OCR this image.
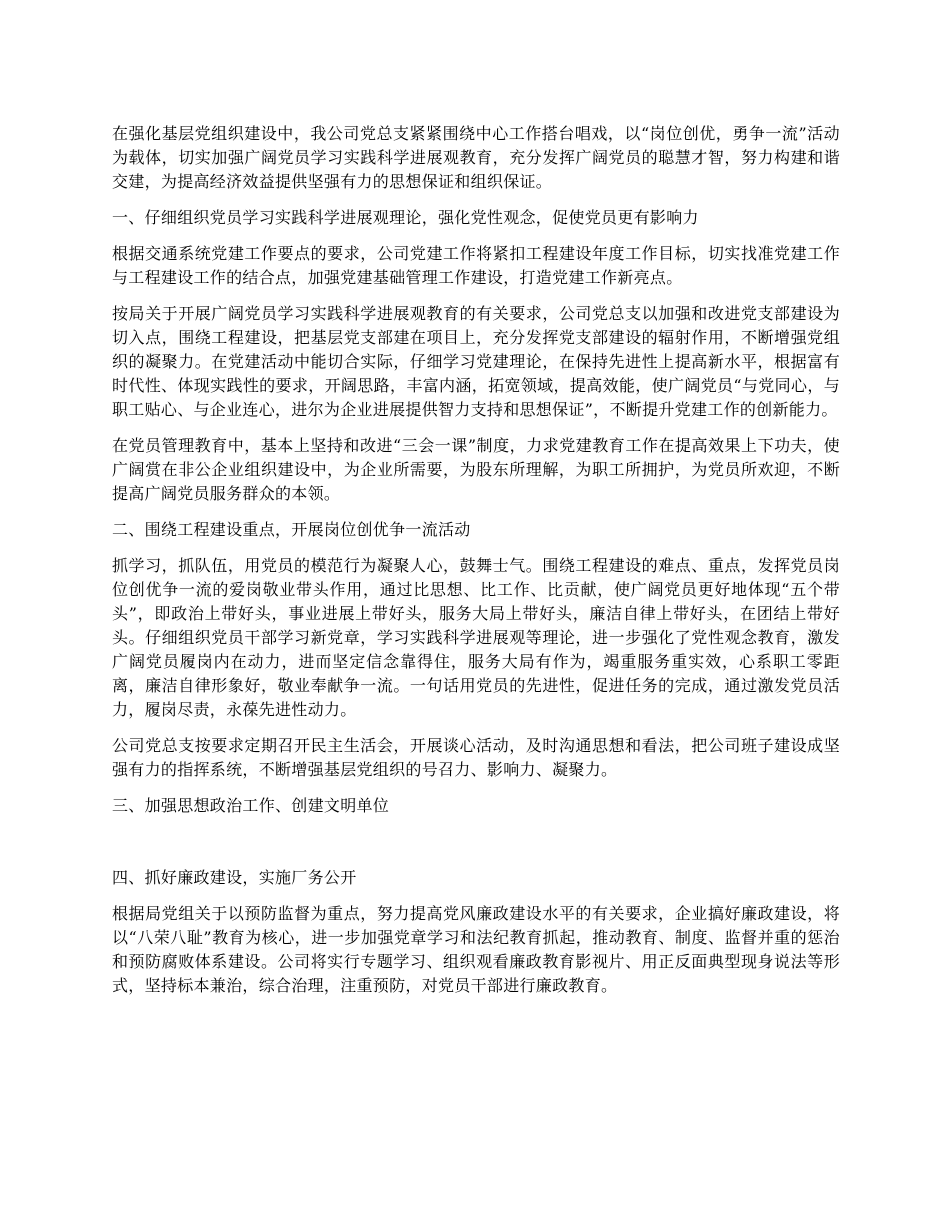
在强化基层党组织建设中，我公司党总支紧紧围绕中心工作搭台唱戏，以“岗位创优，勇争一流”活动为载体，切实加强广阔党员学习实践科学进展观教育，充分发挥广阔党员的聪慧才智，努力构建和谐交建，为提高经济效益提供坚强有力的思想保证和组织保证。

一、仔细组织党员学习实践科学进展观理论，强化党性观念，促使党员更有影响力

根据交通系统党建工作要点的要求，公司党建工作将紧扣工程建设年度工作目标，切实找准党建工作与工程建设工作的结合点，加强党建基础管理工作建设，打造党建工作新亮点。

按局关于开展广阔党员学习实践科学进展观教育的有关要求，公司党总支以加强和改进党支部建设为切入点，围绕工程建设，把基层党支部建在项目上，充分发挥党支部建设的辐射作用，不断增强党组织的凝聚力。在党建活动中能切合实际，仔细学习党建理论，在保持先进性上提高新水平，根据富有时代性、体现实践性的要求，开阔思路，丰富内涵，拓宽领域，提高效能，使广阔党员“与党同心，与职工贴心、与企业连心，进尔为企业进展提供智力支持和思想保证”，不断提升党建工作的创新能力。

在党员管理教育中，基本上坚持和改进“三会一课”制度，力求党建教育工作在提高效果上下功夫，使广阔赏在非公企业组织建设中，为企业所需要，为股东所理解，为职工所拥护，为党员所欢迎，不断提高广阔党员服务群众的本领。

二、围绕工程建设重点，开展岗位创优争一流活动

抓学习，抓队伍，用党员的模范行为凝聚人心，鼓舞士气。围绕工程建设的难点、重点，发挥党员岗位创优争一流的爱岗敬业带头作用，通过比思想、比工作、比贡献，使广阔党员更好地体现“五个带头”，即政治上带好头，事业进展上带好头，服务大局上带好头，廉洁自律上带好头，在团结上带好头。仔细组织党员干部学习新党章，学习实践科学进展观等理论，进一步强化了党性观念教育，激发广阔党员履岗内在动力，进而坚定信念靠得住，服务大局有作为，竭重服务重实效，心系职工零距离，廉洁自律形象好，敬业奉献争一流。一句话用党员的先进性，促进任务的完成，通过激发党员活力，履岗尽责，永葆先进性动力。

公司党总支按要求定期召开民主生活会，开展谈心活动，及时沟通思想和看法，把公司班子建设成坚强有力的指挥系统，不断增强基层党组织的号召力、影响力、凝聚力。

三、加强思想政治工作、创建文明单位

四、抓好廉政建设，实施厂务公开

根据局党组关于以预防监督为重点，努力提高党风廉政建设水平的有关要求，企业搞好廉政建设，将以“八荣八耻”教育为核心，进一步加强党章学习和法纪教育抓起，推动教育、制度、监督并重的惩治和预防腐败体系建设。公司将实行专题学习、组织观看廉政教育影视片、用正反面典型现身说法等形式，坚持标本兼治，综合治理，注重预防，对党员干部进行廉政教育。
